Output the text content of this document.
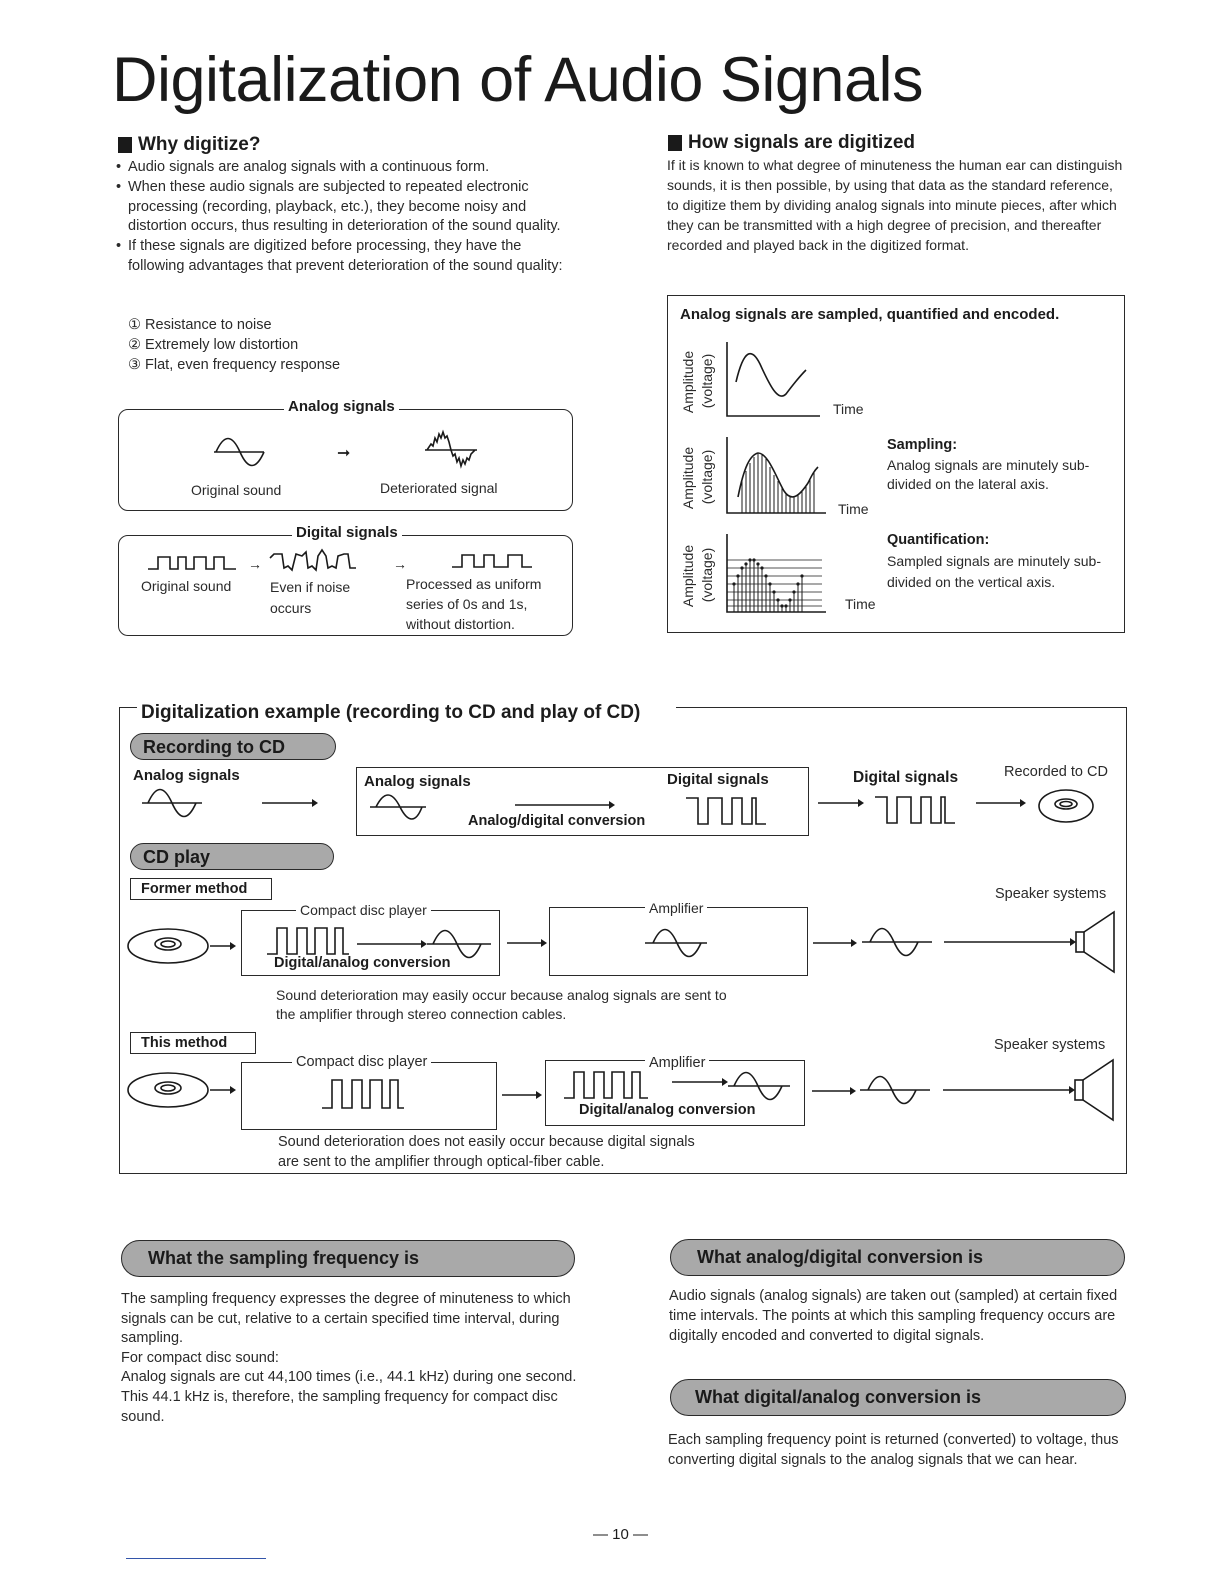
Digitalization of Audio Signals
Why digitize?
• Audio signals are analog signals with a continuous form.
• When these audio signals are subjected to repeated electronic processing (recording, playback, etc.), they become noisy and distortion occurs, thus resulting in deterioration of the sound quality.
• If these signals are digitized before processing, they have the following advantages that prevent deterioration of the sound quality:
① Resistance to noise
② Extremely low distortion
③ Flat, even frequency response
Analog signals
➞
Original sound	Deteriorated signal
Digital signals
→	→
Original sound	Even if noise occurs
Processed as uniform series of 0s and 1s, without distortion.
How signals are digitized
If it is known to what degree of minuteness the human ear can distinguish sounds, it is then possible, by using that data as the standard reference, to digitize them by dividing analog signals into minute pieces, after which they can be transmitted with a high degree of precision, and thereafter recorded and played back in the digitized format.
Analog signals are sampled, quantified and encoded.
Amplitude (voltage)
Time
Amplitude (voltage)
Time
Sampling:
Analog signals are minutely sub-divided on the lateral axis.
Amplitude (voltage)
Time
Quantification:
Sampled signals are minutely sub-divided on the vertical axis.
Digitalization example (recording to CD and play of CD)
Recording to CD
Analog signals	Analog signals	Digital signals
Analog/digital conversion
Digital signals	Recorded to CD
CD play
Former method
Compact disc player
Digital/analog conversion
Amplifier
Speaker systems
Sound deterioration may easily occur because analog signals are sent to the amplifier through stereo connection cables.
This method
Compact disc player	Amplifier
Digital/analog conversion
Speaker systems
Sound deterioration does not easily occur because digital signals are sent to the amplifier through optical-fiber cable.
What the sampling frequency is
The sampling frequency expresses the degree of minuteness to which signals can be cut, relative to a certain specified time interval, during sampling.
For compact disc sound:
Analog signals are cut 44,100 times (i.e., 44.1 kHz) during one second.
This 44.1 kHz is, therefore, the sampling frequency for compact disc sound.
What analog/digital conversion is
Audio signals (analog signals) are taken out (sampled) at certain fixed time intervals. The points at which this sampling frequency occurs are digitally encoded and converted to digital signals.
What digital/analog conversion is
Each sampling frequency point is returned (converted) to voltage, thus converting digital signals to the analog signals that we can hear.
— 10 —
